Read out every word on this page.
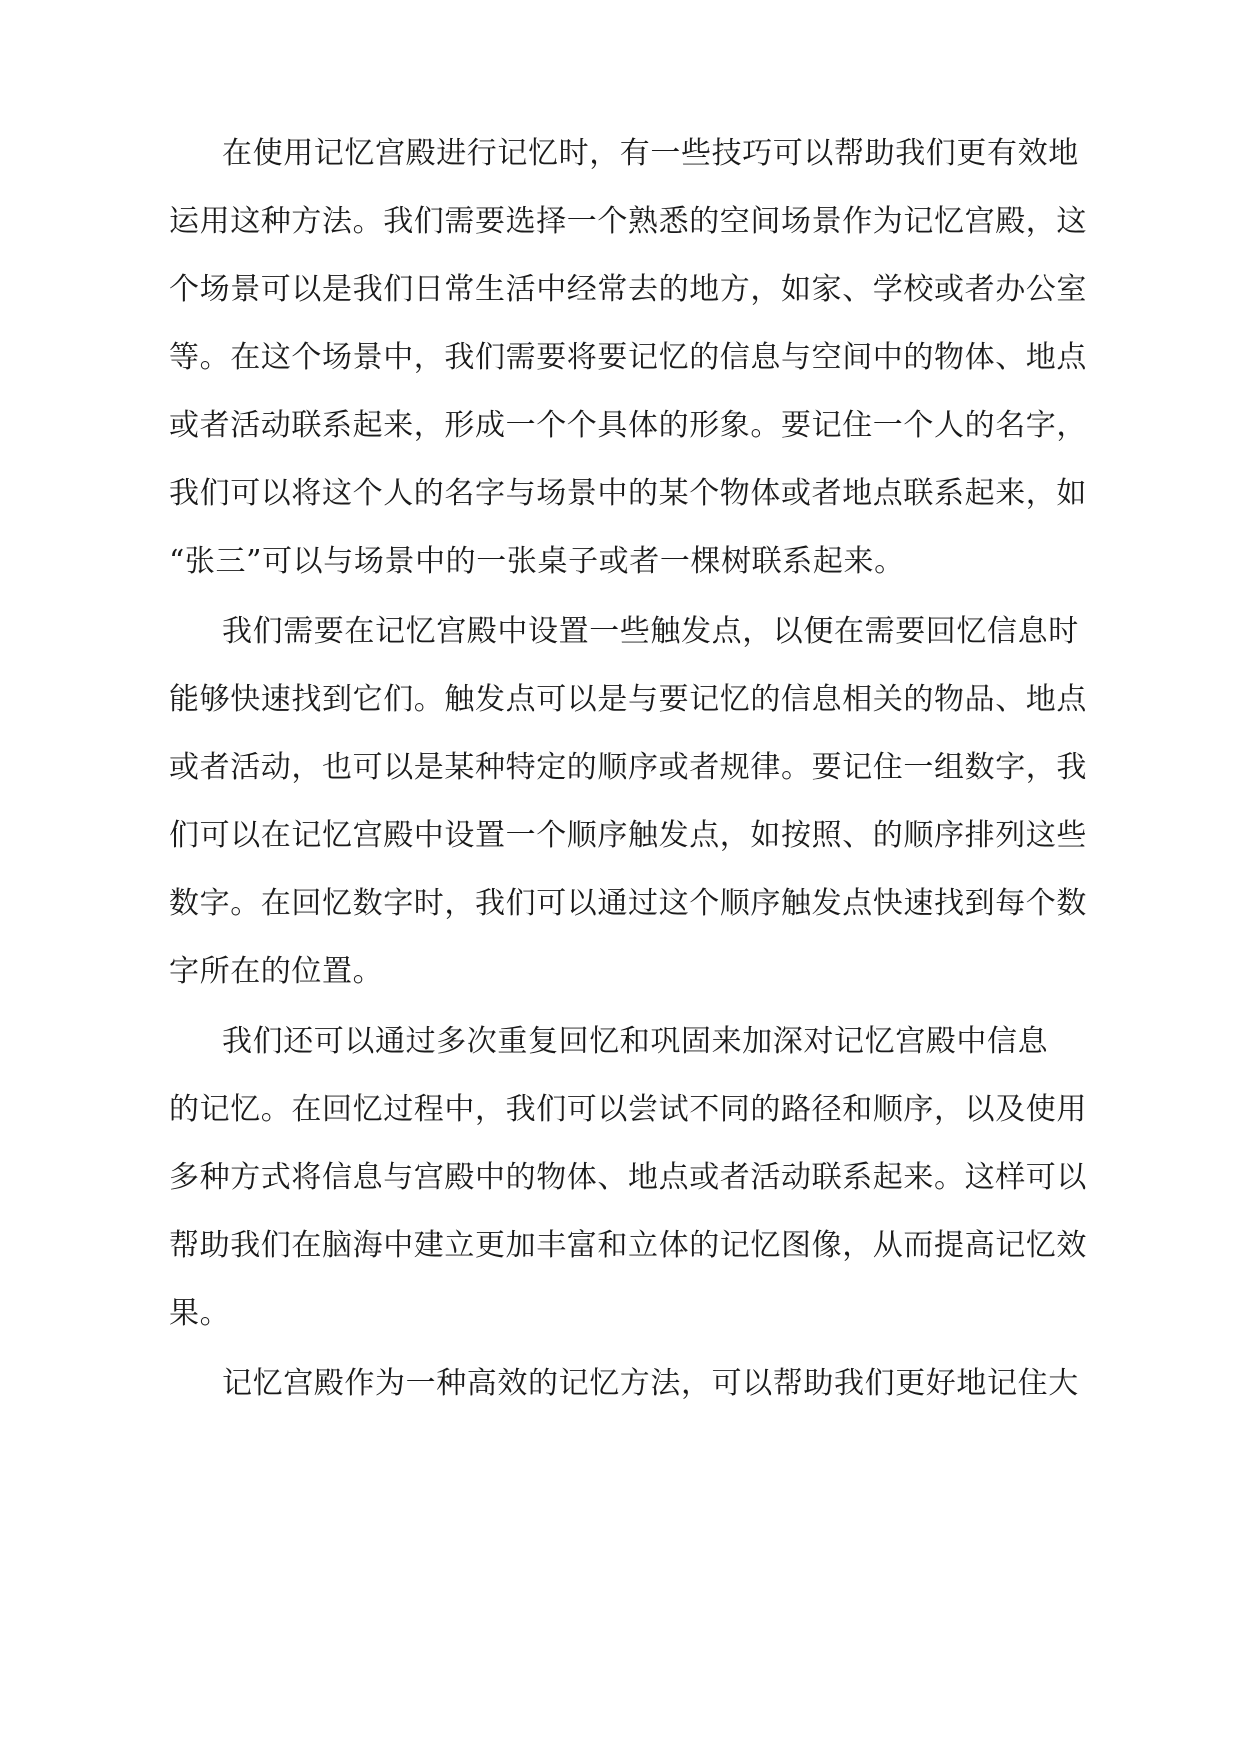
在使用记忆宫殿进行记忆时，有一些技巧可以帮助我们更有效地
运用这种方法。我们需要选择一个熟悉的空间场景作为记忆宫殿，这
个场景可以是我们日常生活中经常去的地方，如家、学校或者办公室
等。在这个场景中，我们需要将要记忆的信息与空间中的物体、地点
或者活动联系起来，形成一个个具体的形象。要记住一个人的名字，
我们可以将这个人的名字与场景中的某个物体或者地点联系起来，如
“张三”可以与场景中的一张桌子或者一棵树联系起来。
我们需要在记忆宫殿中设置一些触发点，以便在需要回忆信息时
能够快速找到它们。触发点可以是与要记忆的信息相关的物品、地点
或者活动，也可以是某种特定的顺序或者规律。要记住一组数字，我
们可以在记忆宫殿中设置一个顺序触发点，如按照、的顺序排列这些
数字。在回忆数字时，我们可以通过这个顺序触发点快速找到每个数
字所在的位置。
我们还可以通过多次重复回忆和巩固来加深对记忆宫殿中信息
的记忆。在回忆过程中，我们可以尝试不同的路径和顺序，以及使用
多种方式将信息与宫殿中的物体、地点或者活动联系起来。这样可以
帮助我们在脑海中建立更加丰富和立体的记忆图像，从而提高记忆效
果。
记忆宫殿作为一种高效的记忆方法，可以帮助我们更好地记住大
